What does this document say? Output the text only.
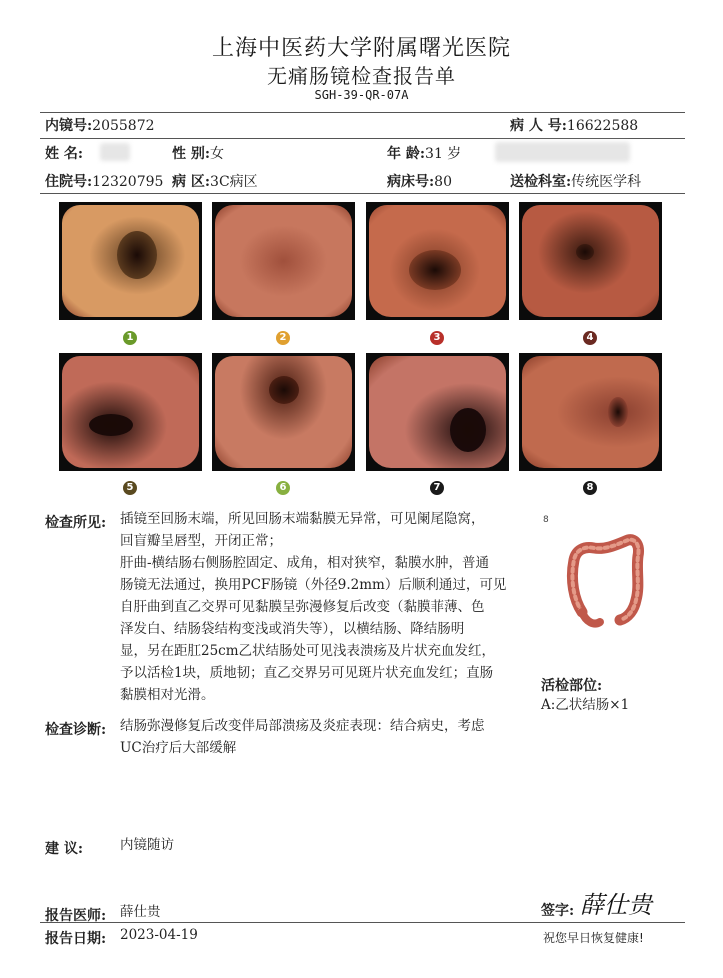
上海中医药大学附属曙光医院
无痛肠镜检查报告单
SGH-39-QR-07A
内镜号:2055872	病 人 号:16622588
姓 名:	性 别:女	年 龄:31 岁
住院号:12320795 病 区:3C病区	病床号:80	送检科室:传统医学科
1	2	3	4
5	6	7	8
检查所见: 插镜至回肠末端，所见回肠末端黏膜无异常，可见阑尾隐窝，
回盲瓣呈唇型，开闭正常；
肝曲-横结肠右侧肠腔固定、成角，相对狭窄，黏膜水肿，普通
肠镜无法通过，换用PCF肠镜（外径9.2mm）后顺利通过，可见
自肝曲到直乙交界可见黏膜呈弥漫修复后改变（黏膜菲薄、色
泽发白、结肠袋结构变浅或消失等），以横结肠、降结肠明
显，另在距肛25cm乙状结肠处可见浅表溃疡及片状充血发红，
予以活检1块，质地韧；直乙交界另可见斑片状充血发红；直肠
黏膜相对光滑。
8
活检部位:
A:乙状结肠×1
检查诊断: 结肠弥漫修复后改变伴局部溃疡及炎症表现：结合病史，考虑
UC治疗后大部缓解
建 议:	内镜随访
报告医师: 薛仕贵	签字: 薛仕贵
报告日期: 2023-04-19	祝您早日恢复健康!
